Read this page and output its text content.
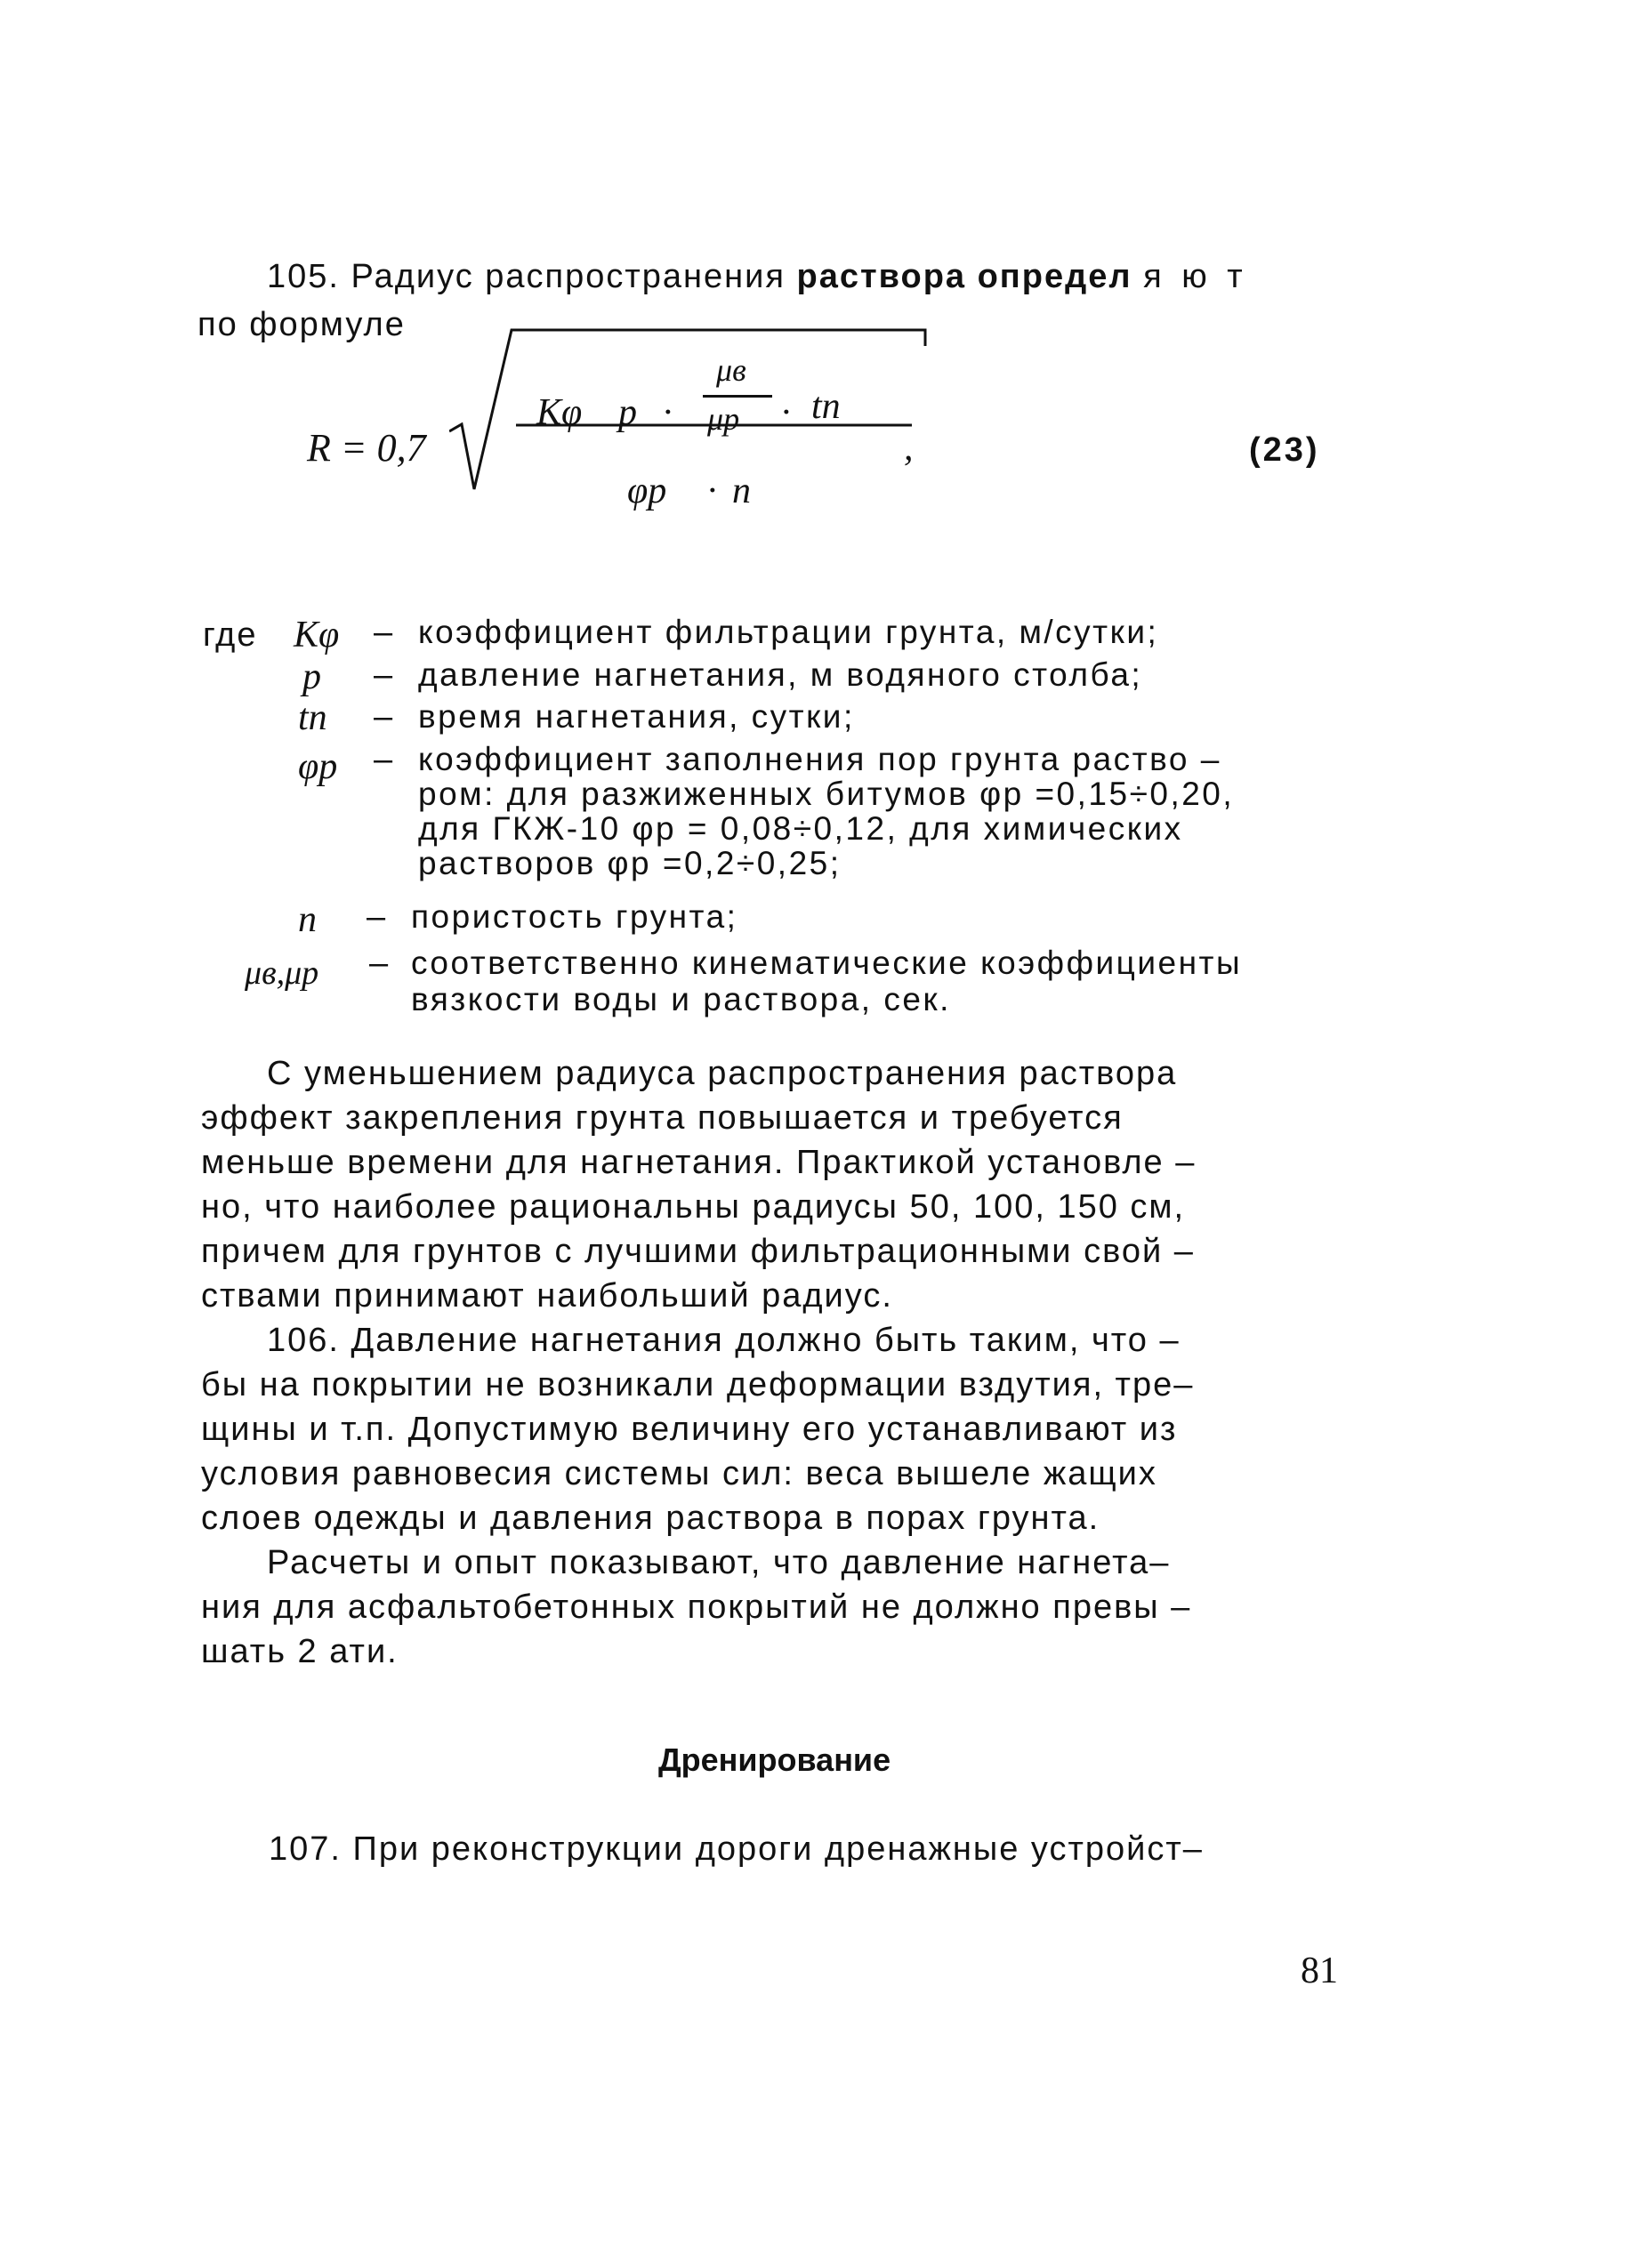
105. Радиус распространения раствора определ я ю т
по формуле
R = 0,7
Kφ p ·
μв
μр · tп
φр · n
,	(23)
где Kφ – коэффициент фильтрации грунта, м/сутки;
p – давление нагнетания, м водяного столба;
tп – время нагнетания, сутки;
φр – коэффициент заполнения пор грунта раство –
ром: для разжиженных битумов φр =0,15÷0,20,
для ГКЖ-10 φр = 0,08÷0,12, для химических
растворов φр =0,2÷0,25;
n – пористость грунта;
μв,μр – соответственно кинематические коэффициенты
вязкости воды и раствора, сек.
С уменьшением радиуса распространения раствора
эффект закрепления грунта повышается и требуется
меньше времени для нагнетания. Практикой установле –
но, что наиболее рациональны радиусы 50, 100, 150 см,
причем для грунтов с лучшими фильтрационными свой –
ствами принимают наибольший радиус.
106. Давление нагнетания должно быть таким, что –
бы на покрытии не возникали деформации вздутия, тре–
щины и т.п. Допустимую величину его устанавливают из
условия равновесия системы сил: веса вышеле жащих
слоев одежды и давления раствора в порах грунта.
Расчеты и опыт показывают, что давление нагнета–
ния для асфальтобетонных покрытий не должно превы –
шать 2 ати.
Дренирование
107. При реконструкции дороги дренажные устройст–
81
